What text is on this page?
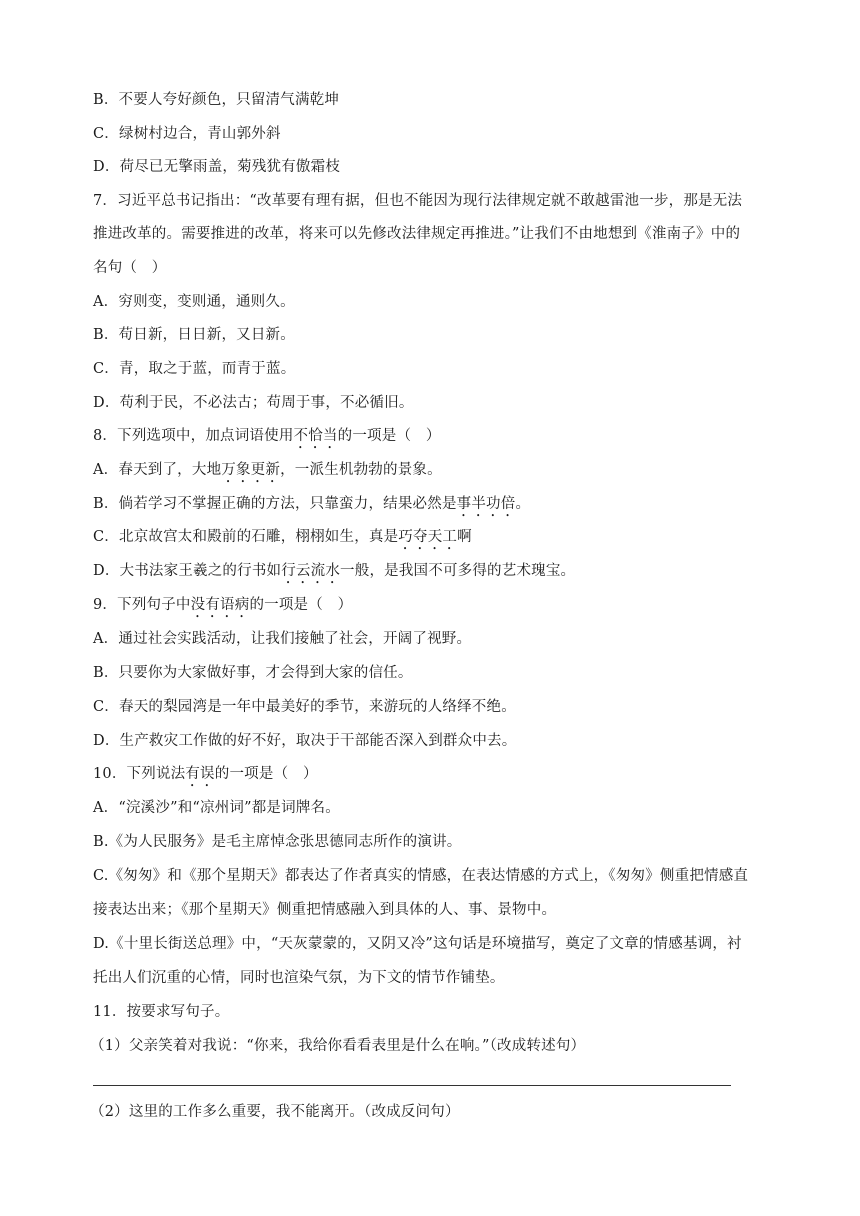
B．不要人夸好颜色，只留清气满乾坤
C．绿树村边合，青山郭外斜
D．荷尽已无擎雨盖，菊残犹有傲霜枝
7．习近平总书记指出：“改革要有理有据，但也不能因为现行法律规定就不敢越雷池一步，那是无法
推进改革的。需要推进的改革，将来可以先修改法律规定再推进。”让我们不由地想到《淮南子》中的
名句（　）
A．穷则变，变则通，通则久。
B．苟日新，日日新，又日新。
C．青，取之于蓝，而青于蓝。
D．苟利于民，不必法古；苟周于事，不必循旧。
8．下列选项中，加点词语使用不恰当的一项是（　）
A．春天到了，大地万象更新，一派生机勃勃的景象。
B．倘若学习不掌握正确的方法，只靠蛮力，结果必然是事半功倍。
C．北京故宫太和殿前的石雕，栩栩如生，真是巧夺天工啊
D．大书法家王羲之的行书如行云流水一般，是我国不可多得的艺术瑰宝。
9．下列句子中没有语病的一项是（　）
A．通过社会实践活动，让我们接触了社会，开阔了视野。
B．只要你为大家做好事，才会得到大家的信任。
C．春天的梨园湾是一年中最美好的季节，来游玩的人络绎不绝。
D．生产救灾工作做的好不好，取决于干部能否深入到群众中去。
10．下列说法有误的一项是（　）
A．“浣溪沙”和“凉州词”都是词牌名。
B.《为人民服务》是毛主席悼念张思德同志所作的演讲。
C.《匆匆》和《那个星期天》都表达了作者真实的情感，在表达情感的方式上，《匆匆》侧重把情感直
接表达出来；《那个星期天》侧重把情感融入到具体的人、事、景物中。
D.《十里长街送总理》中，“天灰蒙蒙的，又阴又冷”这句话是环境描写，奠定了文章的情感基调，衬
托出人们沉重的心情，同时也渲染气氛，为下文的情节作铺垫。
11．按要求写句子。
（1）父亲笑着对我说：“你来，我给你看看表里是什么在响。”（改成转述句）
（2）这里的工作多么重要，我不能离开。（改成反问句）
